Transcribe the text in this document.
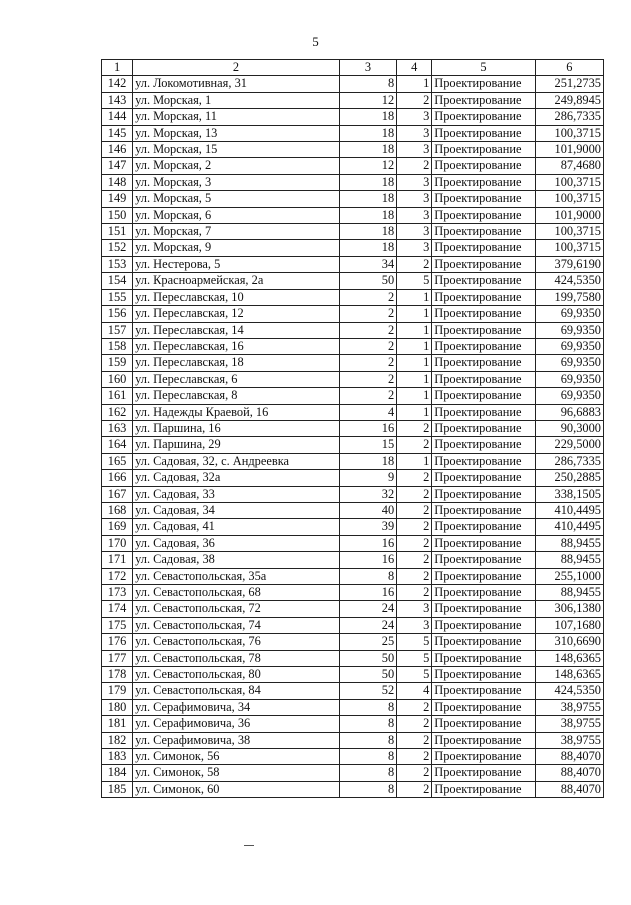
5
1	2	3	4	5	6
142	ул. Локомотивная, 31	8	1	Проектирование	251,2735
143	ул. Морская, 1	12	2	Проектирование	249,8945
144	ул. Морская, 11	18	3	Проектирование	286,7335
145	ул. Морская, 13	18	3	Проектирование	100,3715
146	ул. Морская, 15	18	3	Проектирование	101,9000
147	ул. Морская, 2	12	2	Проектирование	87,4680
148	ул. Морская, 3	18	3	Проектирование	100,3715
149	ул. Морская, 5	18	3	Проектирование	100,3715
150	ул. Морская, 6	18	3	Проектирование	101,9000
151	ул. Морская, 7	18	3	Проектирование	100,3715
152	ул. Морская, 9	18	3	Проектирование	100,3715
153	ул. Нестерова, 5	34	2	Проектирование	379,6190
154	ул. Красноармейская, 2а	50	5	Проектирование	424,5350
155	ул. Переславская, 10	2	1	Проектирование	199,7580
156	ул. Переславская, 12	2	1	Проектирование	69,9350
157	ул. Переславская, 14	2	1	Проектирование	69,9350
158	ул. Переславская, 16	2	1	Проектирование	69,9350
159	ул. Переславская, 18	2	1	Проектирование	69,9350
160	ул. Переславская, 6	2	1	Проектирование	69,9350
161	ул. Переславская, 8	2	1	Проектирование	69,9350
162	ул. Надежды Краевой, 16	4	1	Проектирование	96,6883
163	ул. Паршина, 16	16	2	Проектирование	90,3000
164	ул. Паршина, 29	15	2	Проектирование	229,5000
165	ул. Садовая, 32, с. Андреевка	18	1	Проектирование	286,7335
166	ул. Садовая, 32а	9	2	Проектирование	250,2885
167	ул. Садовая, 33	32	2	Проектирование	338,1505
168	ул. Садовая, 34	40	2	Проектирование	410,4495
169	ул. Садовая, 41	39	2	Проектирование	410,4495
170	ул. Садовая, 36	16	2	Проектирование	88,9455
171	ул. Садовая, 38	16	2	Проектирование	88,9455
172	ул. Севастопольская, 35а	8	2	Проектирование	255,1000
173	ул. Севастопольская, 68	16	2	Проектирование	88,9455
174	ул. Севастопольская, 72	24	3	Проектирование	306,1380
175	ул. Севастопольская, 74	24	3	Проектирование	107,1680
176	ул. Севастопольская, 76	25	5	Проектирование	310,6690
177	ул. Севастопольская, 78	50	5	Проектирование	148,6365
178	ул. Севастопольская, 80	50	5	Проектирование	148,6365
179	ул. Севастопольская, 84	52	4	Проектирование	424,5350
180	ул. Серафимовича, 34	8	2	Проектирование	38,9755
181	ул. Серафимовича, 36	8	2	Проектирование	38,9755
182	ул. Серафимовича, 38	8	2	Проектирование	38,9755
183	ул. Симонок, 56	8	2	Проектирование	88,4070
184	ул. Симонок, 58	8	2	Проектирование	88,4070
185	ул. Симонок, 60	8	2	Проектирование	88,4070
